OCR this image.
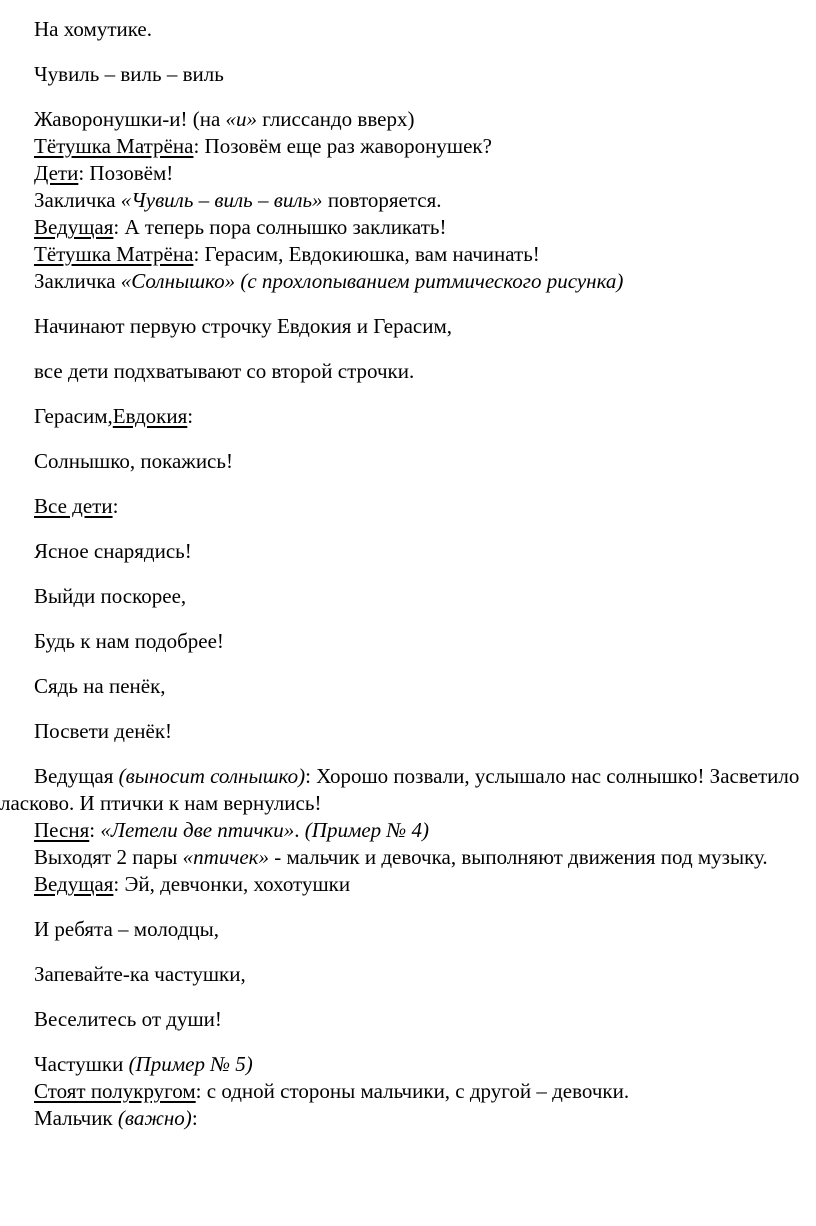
На хомутике.

Чувиль – виль – виль

Жаворонушки-и! (на «и» глиссандо вверх)

Тётушка Матрёна: Позовём еще раз жаворонушек?

Дети: Позовём!

Закличка «Чувиль – виль – виль» повторяется.

Ведущая: А теперь пора солнышко закликать!

Тётушка Матрёна: Герасим, Евдокиюшка, вам начинать!

Закличка «Солнышко» (с прохлопыванием ритмического рисунка)

Начинают первую строчку Евдокия и Герасим,

все дети подхватывают со второй строчки.

Герасим,Евдокия:

Солнышко, покажись!

Все дети:

Ясное снарядись!

Выйди поскорее,

Будь к нам подобрее!

Сядь на пенёк,

Посвети денёк!

Ведущая (выносит солнышко): Хорошо позвали, услышало нас солнышко! Засветило ласково. И птички к нам вернулись!

Песня: «Летели две птички». (Пример № 4)

Выходят 2 пары «птичек» - мальчик и девочка, выполняют движения под музыку.

Ведущая: Эй, девчонки, хохотушки

И ребята – молодцы,

Запевайте-ка частушки,

Веселитесь от души!

Частушки (Пример № 5)

Стоят полукругом: с одной стороны мальчики, с другой – девочки.

Мальчик (важно):
